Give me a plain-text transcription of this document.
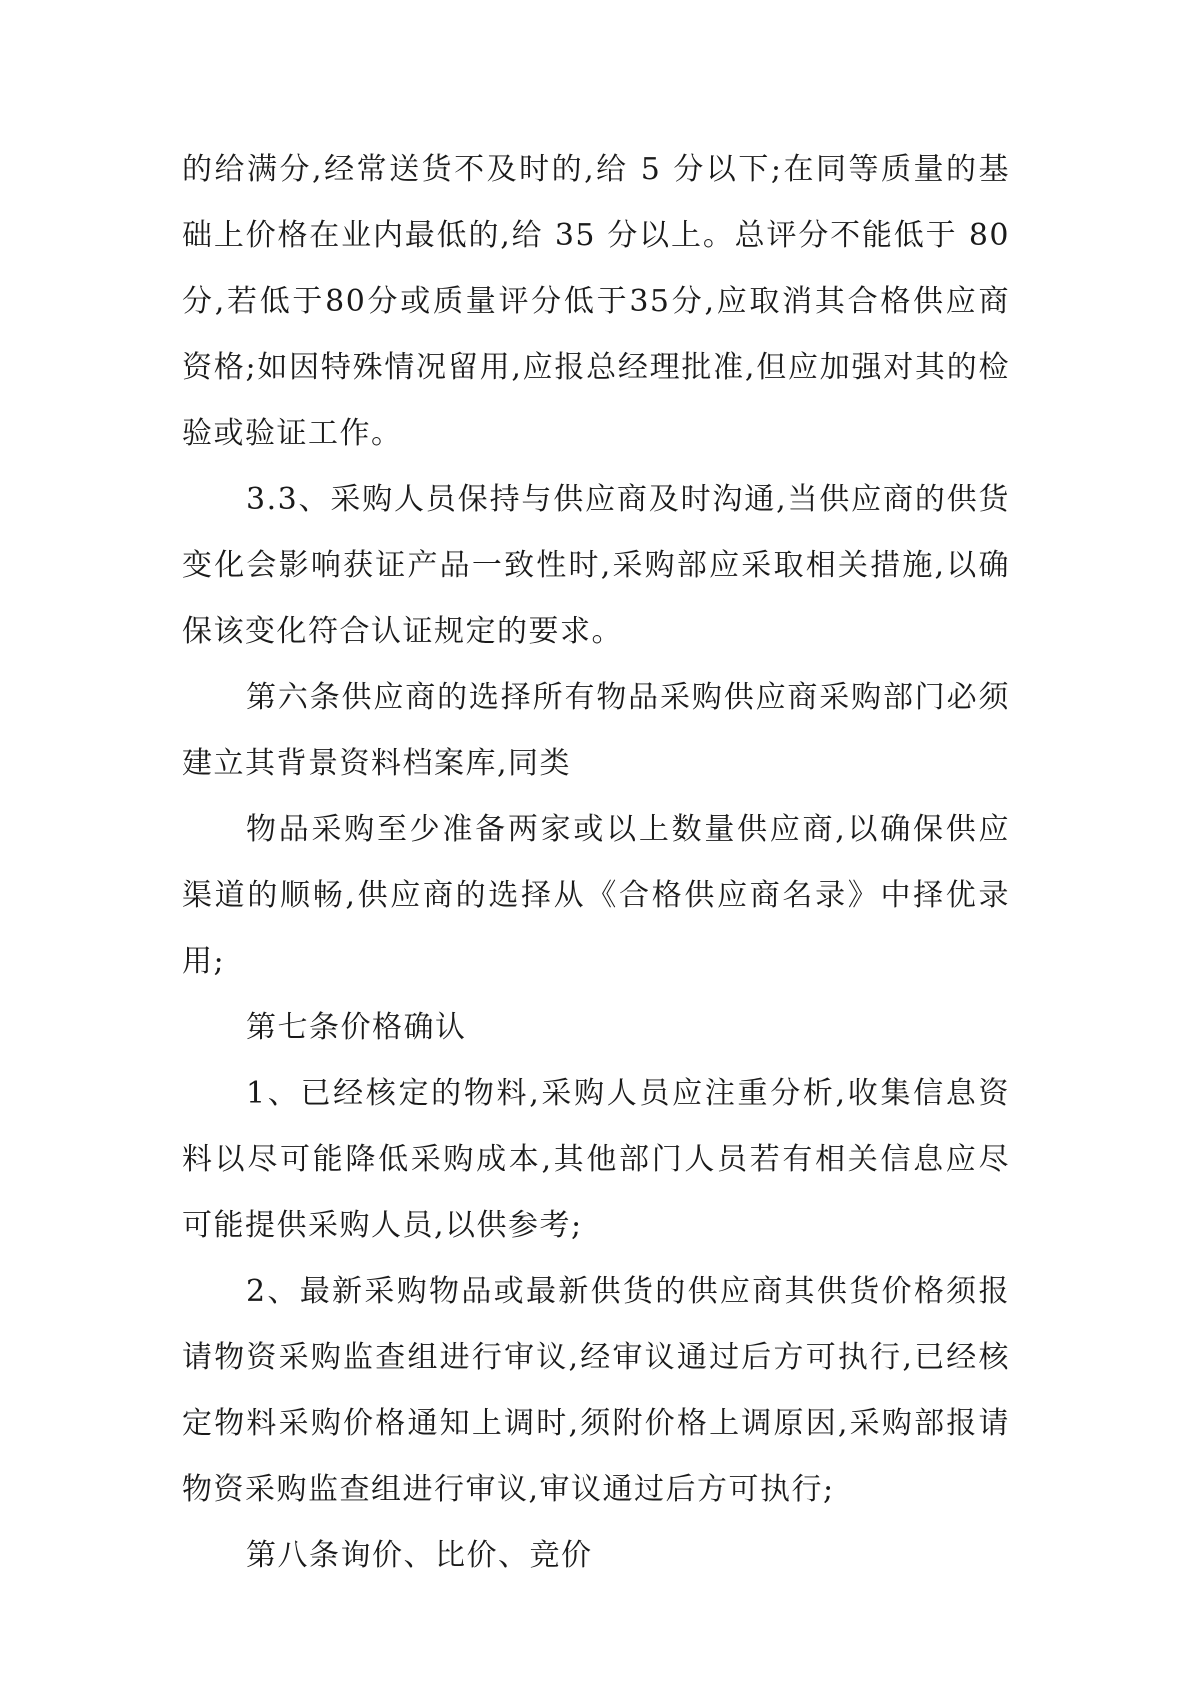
的给满分,经常送货不及时的,给 5 分以下;在同等质量的基础上价格在业内最低的,给 35 分以上。总评分不能低于 80 分,若低于80分或质量评分低于35分,应取消其合格供应商资格;如因特殊情况留用,应报总经理批准,但应加强对其的检验或验证工作。

3.3、采购人员保持与供应商及时沟通,当供应商的供货变化会影响获证产品一致性时,采购部应采取相关措施,以确保该变化符合认证规定的要求。

第六条供应商的选择所有物品采购供应商采购部门必须建立其背景资料档案库,同类

物品采购至少准备两家或以上数量供应商,以确保供应渠道的顺畅,供应商的选择从《合格供应商名录》中择优录用;

第七条价格确认

1、已经核定的物料,采购人员应注重分析,收集信息资料以尽可能降低采购成本,其他部门人员若有相关信息应尽可能提供采购人员,以供参考;

2、最新采购物品或最新供货的供应商其供货价格须报请物资采购监查组进行审议,经审议通过后方可执行,已经核定物料采购价格通知上调时,须附价格上调原因,采购部报请物资采购监查组进行审议,审议通过后方可执行;

第八条询价、比价、竞价
